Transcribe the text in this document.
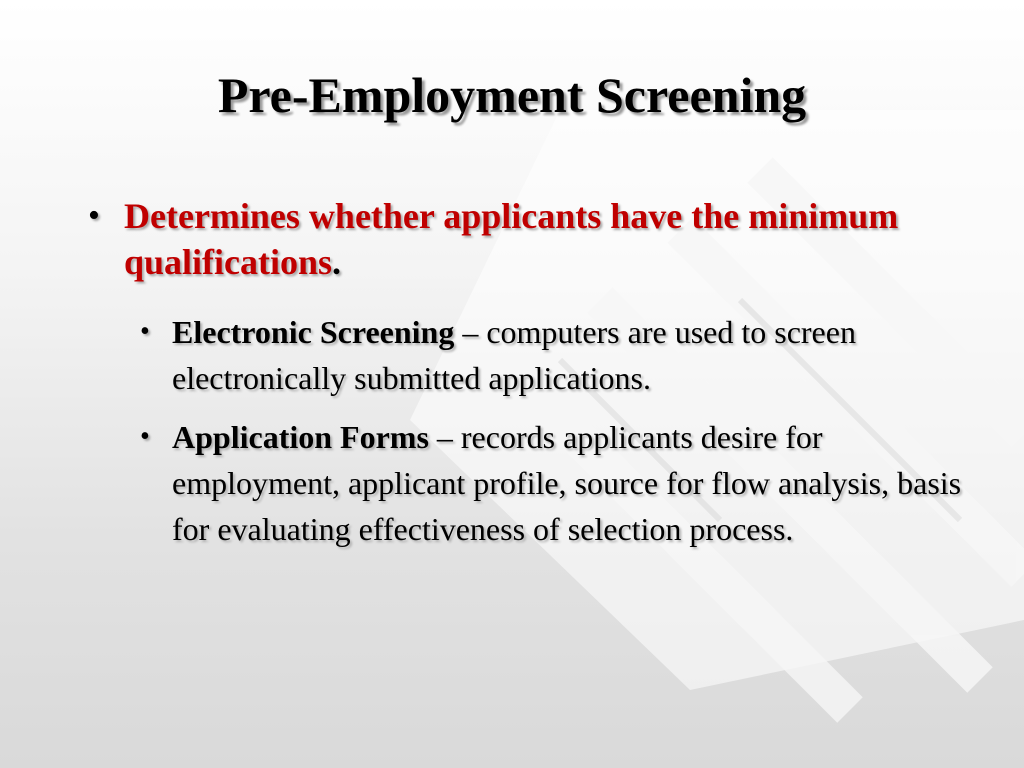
Pre-Employment Screening
• Determines whether applicants have the minimum qualifications.
• Electronic Screening – computers are used to screen electronically submitted applications.
• Application Forms – records applicants desire for employment, applicant profile, source for flow analysis, basis for evaluating effectiveness of selection process.
